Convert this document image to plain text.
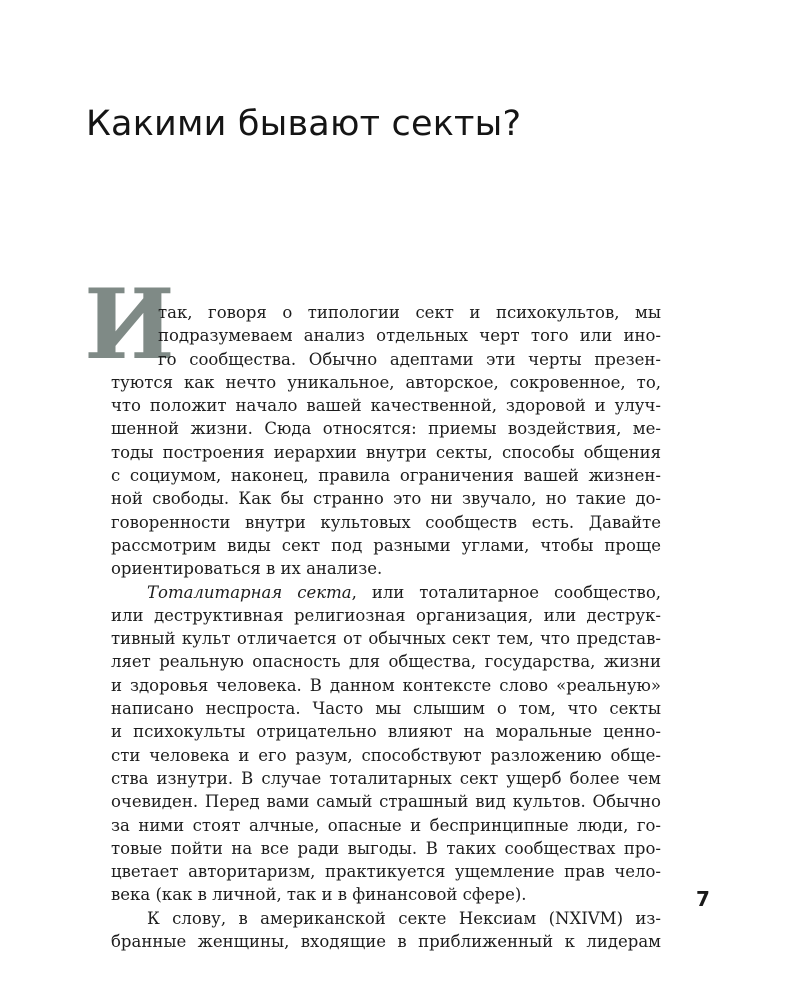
Какими бывают секты?
И
так, говоря о типологии сект и психокультов, мы
подразумеваем анализ отдельных черт того или ино-
го сообщества. Обычно адептами эти черты презен-
туются как нечто уникальное, авторское, сокровенное, то,
что положит начало вашей качественной, здоровой и улуч-
шенной жизни. Сюда относятся: приемы воздействия, ме-
тоды построения иерархии внутри секты, способы общения
с социумом, наконец, правила ограничения вашей жизнен-
ной свободы. Как бы странно это ни звучало, но такие до-
говоренности внутри культовых сообществ есть. Давайте
рассмотрим виды сект под разными углами, чтобы проще
ориентироваться в их анализе.
Тоталитарная секта, или тоталитарное сообщество,
или деструктивная религиозная организация, или деструк-
тивный культ отличается от обычных сект тем, что представ-
ляет реальную опасность для общества, государства, жизни
и здоровья человека. В данном контексте слово «реальную»
написано неспроста. Часто мы слышим о том, что секты
и психокульты отрицательно влияют на моральные ценно-
сти человека и его разум, способствуют разложению обще-
ства изнутри. В случае тоталитарных сект ущерб более чем
очевиден. Перед вами самый страшный вид культов. Обычно
за ними стоят алчные, опасные и беспринципные люди, го-
товые пойти на все ради выгоды. В таких сообществах про-
цветает авторитаризм, практикуется ущемление прав чело-
века (как в личной, так и в финансовой сфере).
К слову, в американской секте Нексиам (NXIVM) из-
бранные женщины, входящие в приближенный к лидерам
7
